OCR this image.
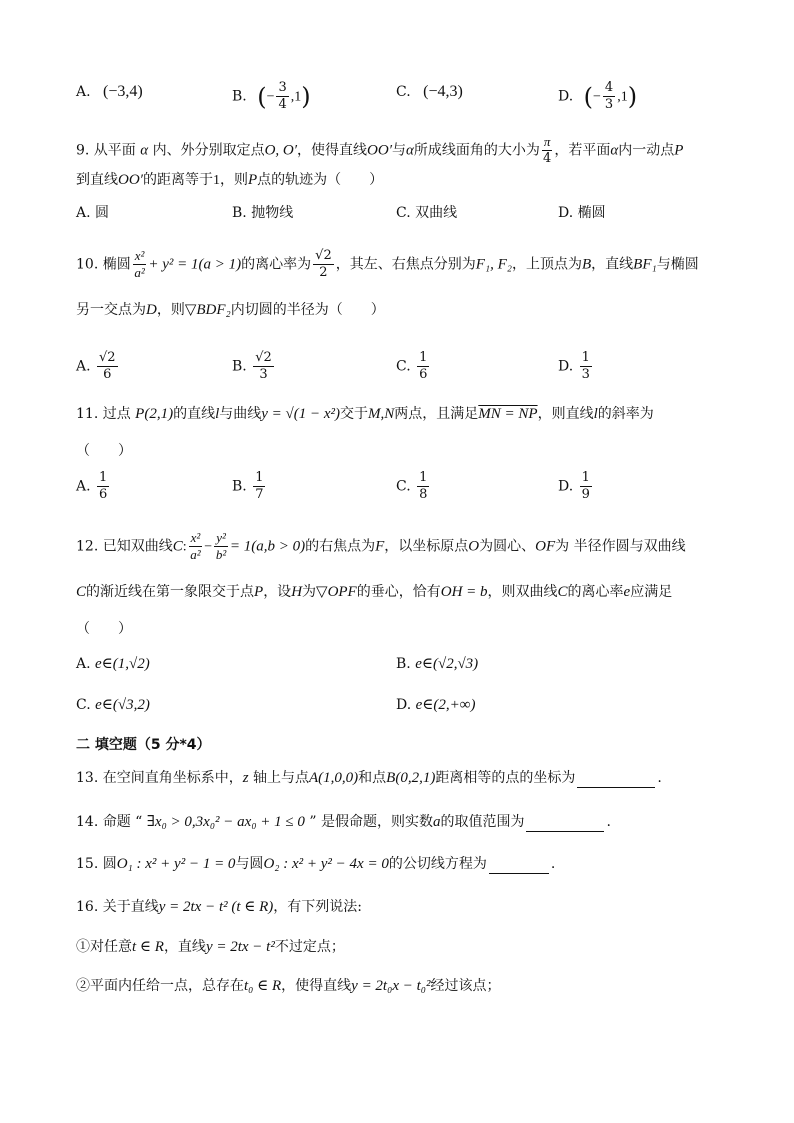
A. (−3,4)	B. (− $\frac{3}{4} ,1$)	C. (−4,3)	D. (− $\frac{4}{3} ,1$)
9. 从平面 α 内、外分别取定点O, O′，使得直线OO′与α所成线面角的大小为 $\frac{\pi}{4}$ ，若平面α内一动点P
到直线OO′的距离等于1，则P点的轨迹为（　　）
A. 圆	B. 抛物线	C. 双曲线	D. 椭圆
10. 椭圆 $\frac{\text{x²}}{\text{a²}} + y^2 = 1(a > 1)$的离心率为 $\frac{√2}{2}$ ，其左、右焦点分别为F₁, F₂，上顶点为B，直线BF₁与椭圆
另一交点为D，则▽BDF₂内切圆的半径为（　　）
A. $\frac{√2}{6}$	B. $\frac{√2}{3}$	C. $\frac{1}{6}$	D. $\frac{1}{3}$
11. 过点 P(2,1)的直线l与曲线y = √(1 − x²)交于M,N两点，且满足MN = NP，则直线l的斜率为
（　　）
A. $\frac{1}{6}$	B. $\frac{1}{7}$	C. $\frac{1}{8}$	D. $\frac{1}{9}$
12. 已知双曲线C: $\frac{\text{x²}}{\text{a²}} - \frac{\text{y²}}{\text{b²}} = 1(a,b > 0)$的右焦点为F，以坐标原点O为圆心、OF为 半径作圆与双曲线
C的渐近线在第一象限交于点P，设H为▽OPF的垂心，恰有OH = b，则双曲线C的离心率e应满足
（　　）
A. e∈(1,√2)	B. e∈(√2,√3)
C. e∈(√3,2)	D. e∈(2,+∞)
二 填空题（5 分*4）
13. 在空间直角坐标系中，z 轴上与点A(1,0,0)和点B(0,2,1)距离相等的点的坐标为	.
14. 命题 “ ∃x₀ > 0,3x₀² − ax₀ + 1 ≤ 0 ” 是假命题，则实数a的取值范围为	.
15. 圆O₁ : x² + y² − 1 = 0与圆O₂ : x² + y² − 4x = 0的公切线方程为	.
16. 关于直线y = 2tx − t² (t ∈ R)，有下列说法:
①对任意t ∈ R，直线y = 2tx − t²不过定点；
②平面内任给一点，总存在t₀ ∈ R，使得直线y = 2t₀x − t₀²经过该点；
